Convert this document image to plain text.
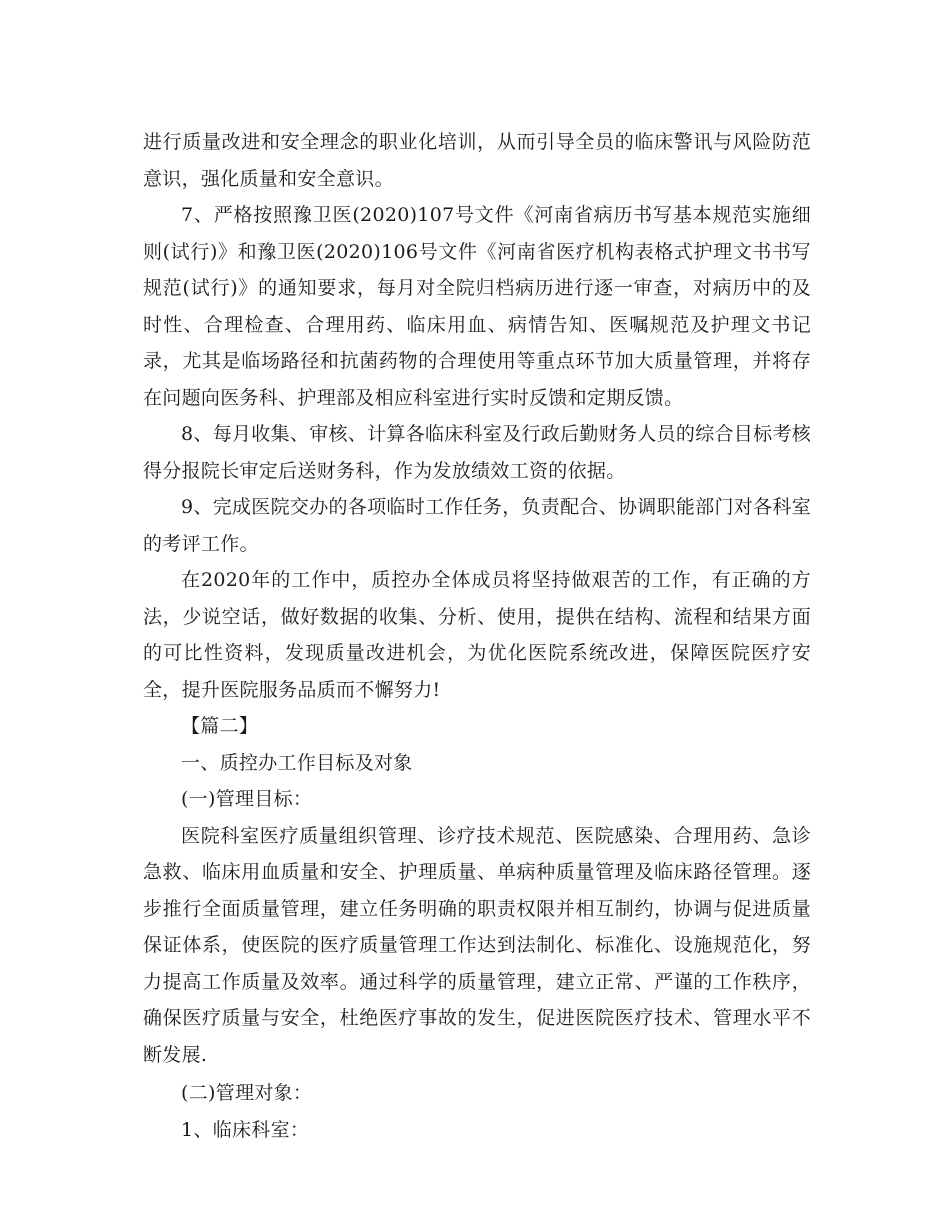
进行质量改进和安全理念的职业化培训，从而引导全员的临床警讯与风险防范意识，强化质量和安全意识。

7、严格按照豫卫医(2020)107号文件《河南省病历书写基本规范实施细则(试行)》和豫卫医(2020)106号文件《河南省医疗机构表格式护理文书书写规范(试行)》的通知要求，每月对全院归档病历进行逐一审查，对病历中的及时性、合理检查、合理用药、临床用血、病情告知、医嘱规范及护理文书记录，尤其是临场路径和抗菌药物的合理使用等重点环节加大质量管理，并将存在问题向医务科、护理部及相应科室进行实时反馈和定期反馈。

8、每月收集、审核、计算各临床科室及行政后勤财务人员的综合目标考核得分报院长审定后送财务科，作为发放绩效工资的依据。

9、完成医院交办的各项临时工作任务，负责配合、协调职能部门对各科室的考评工作。

在2020年的工作中，质控办全体成员将坚持做艰苦的工作，有正确的方法，少说空话，做好数据的收集、分析、使用，提供在结构、流程和结果方面的可比性资料，发现质量改进机会，为优化医院系统改进，保障医院医疗安全，提升医院服务品质而不懈努力!

【篇二】

一、质控办工作目标及对象

(一)管理目标：

医院科室医疗质量组织管理、诊疗技术规范、医院感染、合理用药、急诊急救、临床用血质量和安全、护理质量、单病种质量管理及临床路径管理。逐步推行全面质量管理，建立任务明确的职责权限并相互制约，协调与促进质量保证体系，使医院的医疗质量管理工作达到法制化、标准化、设施规范化，努力提高工作质量及效率。通过科学的质量管理，建立正常、严谨的工作秩序，确保医疗质量与安全，杜绝医疗事故的发生，促进医院医疗技术、管理水平不断发展.

(二)管理对象：

1、临床科室：
